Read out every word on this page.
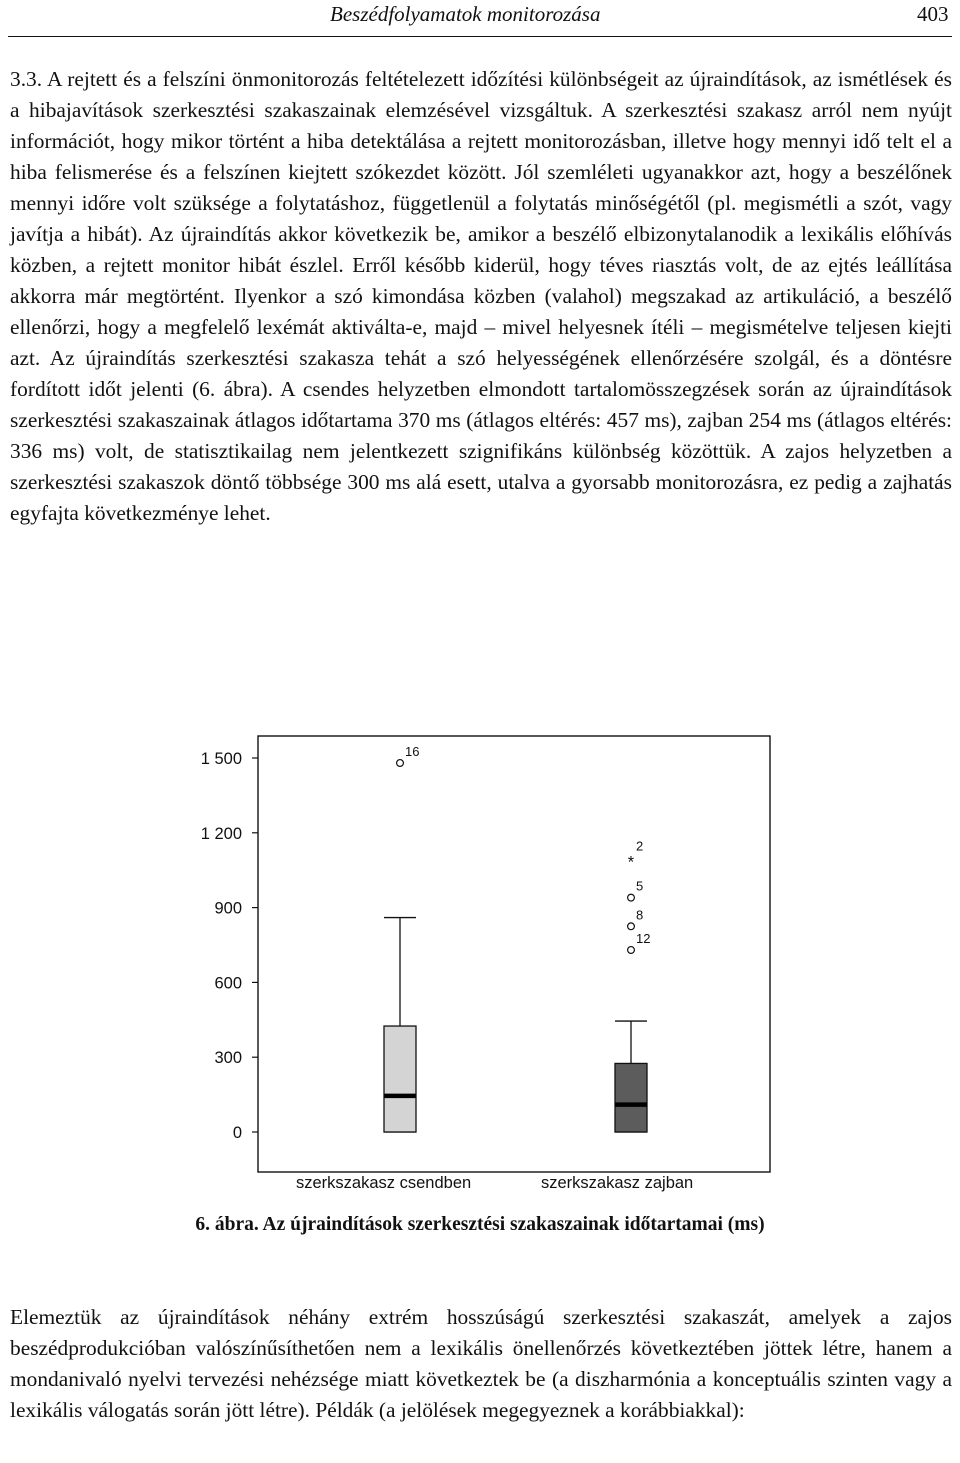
Beszédfolyamatok monitorozása	403

3.3. A rejtett és a felszíni önmonitorozás feltételezett időzítési különbségeit az újraindítások, az ismétlések és a hibajavítások szerkesztési szakaszainak elemzésével vizsgáltuk. A szerkesztési szakasz arról nem nyújt információt, hogy mikor történt a hiba detektálása a rejtett monitorozásban, illetve hogy mennyi idő telt el a hiba felismerése és a felszínen kiejtett szókezdet között. Jól szemléleti ugyanakkor azt, hogy a beszélőnek mennyi időre volt szüksége a folytatáshoz, függetlenül a folytatás minőségétől (pl. megismétli a szót, vagy javítja a hibát). Az újraindítás akkor következik be, amikor a beszélő elbizonytalanodik a lexikális előhívás közben, a rejtett monitor hibát észlel. Erről később kiderül, hogy téves riasztás volt, de az ejtés leállítása akkorra már megtörtént. Ilyenkor a szó kimondása közben (valahol) megszakad az artikuláció, a beszélő ellenőrzi, hogy a megfelelő lexémát aktiválta-e, majd – mivel helyesnek ítéli – megismételve teljesen kiejti azt. Az újraindítás szerkesztési szakasza tehát a szó helyességének ellenőrzésére szolgál, és a döntésre fordított időt jelenti (6. ábra). A csendes helyzetben elmondott tartalomösszegzések során az újraindítások szerkesztési szakaszainak átlagos időtartama 370 ms (átlagos eltérés: 457 ms), zajban 254 ms (átlagos eltérés: 336 ms) volt, de statisztikailag nem jelentkezett szignifikáns különbség közöttük. A zajos helyzetben a szerkesztési szakaszok döntő többsége 300 ms alá esett, utalva a gyorsabb monitorozásra, ez pedig a zajhatás egyfajta következménye lehet.

0
300
600
900
1 200
1 500
szerkszakasz csendben	szerkszakasz zajban
16
*
2
5
8
12
6. ábra. Az újraindítások szerkesztési szakaszainak időtartamai (ms)

Elemeztük az újraindítások néhány extrém hosszúságú szerkesztési szakaszát, amelyek a zajos beszédprodukcióban valószínűsíthetően nem a lexikális önellenőrzés következtében jöttek létre, hanem a mondanivaló nyelvi tervezési nehézsége miatt következtek be (a diszharmónia a konceptuális szinten vagy a lexikális válogatás során jött létre). Példák (a jelölések megegyeznek a korábbiakkal):
